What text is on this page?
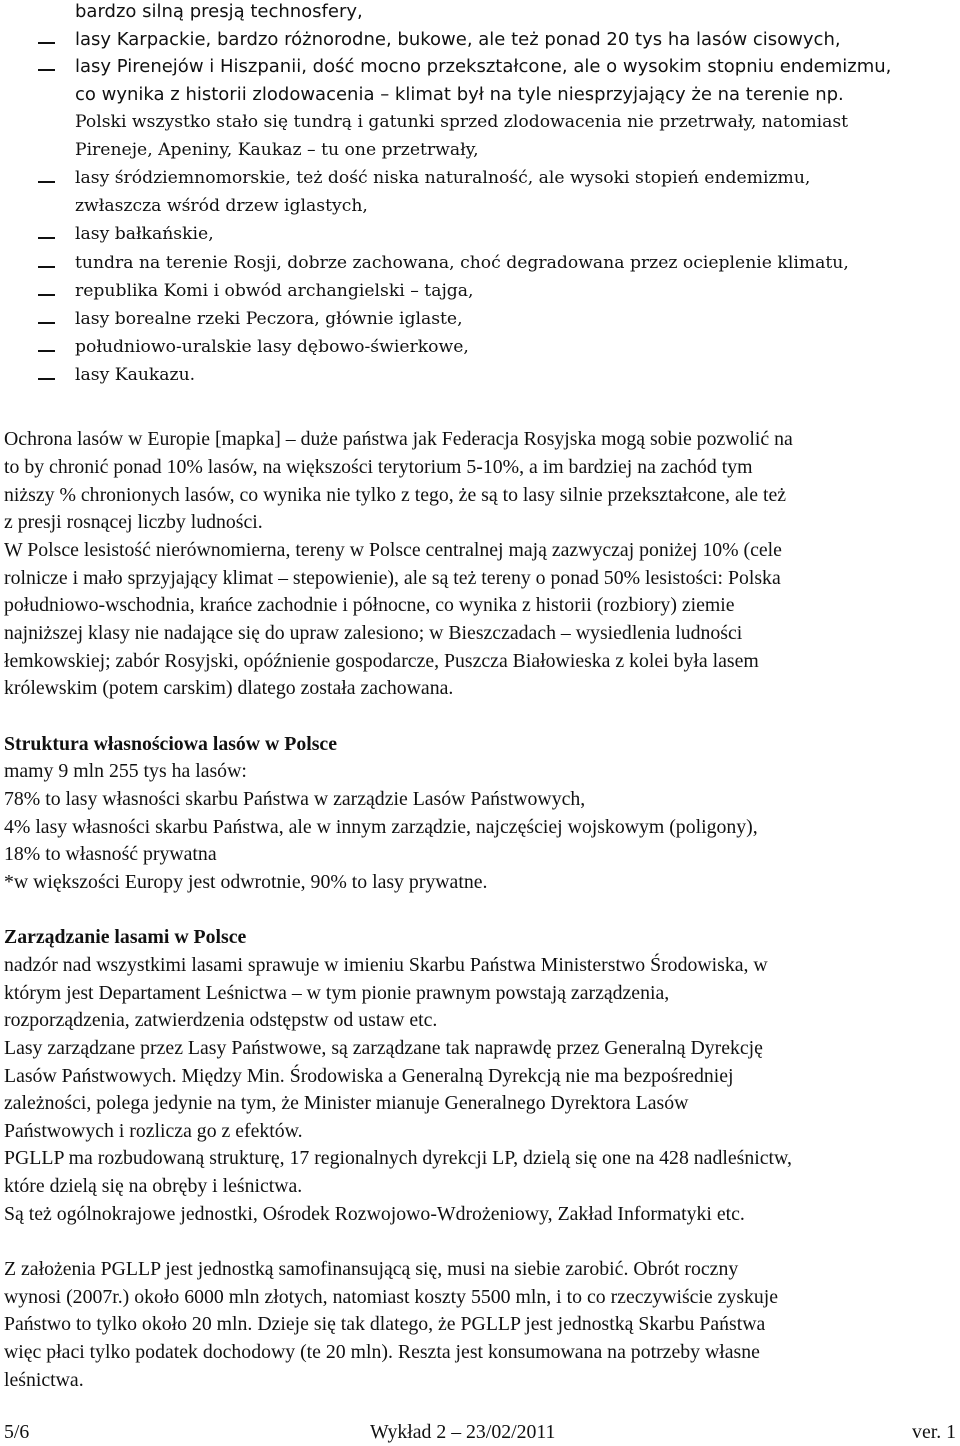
bardzo silną presją technosfery,
lasy Karpackie, bardzo różnorodne, bukowe, ale też ponad 20 tys ha lasów cisowych,
lasy Pirenejów i Hiszpanii, dość mocno przekształcone, ale o wysokim stopniu endemizmu,
co wynika z historii zlodowacenia – klimat był na tyle niesprzyjający że na terenie np.
Polski wszystko stało się tundrą i gatunki sprzed zlodowacenia nie przetrwały, natomiast
Pireneje, Apeniny, Kaukaz – tu one przetrwały,
lasy śródziemnomorskie, też dość niska naturalność, ale wysoki stopień endemizmu,
zwłaszcza wśród drzew iglastych,
lasy bałkańskie,
tundra na terenie Rosji, dobrze zachowana, choć degradowana przez ocieplenie klimatu,
republika Komi i obwód archangielski – tajga,
lasy borealne rzeki Peczora, głównie iglaste,
południowo-uralskie lasy dębowo-świerkowe,
lasy Kaukazu.
Ochrona lasów w Europie [mapka] – duże państwa jak Federacja Rosyjska mogą sobie pozwolić na
to by chronić ponad 10% lasów, na większości terytorium 5-10%, a im bardziej na zachód tym
niższy % chronionych lasów, co wynika nie tylko z tego, że są to lasy silnie przekształcone, ale też
z presji rosnącej liczby ludności.
W Polsce lesistość nierównomierna, tereny w Polsce centralnej mają zazwyczaj poniżej 10% (cele
rolnicze i mało sprzyjający klimat – stepowienie), ale są też tereny o ponad 50% lesistości: Polska
południowo-wschodnia, krańce zachodnie i północne, co wynika z historii (rozbiory) ziemie
najniższej klasy nie nadające się do upraw zalesiono; w Bieszczadach – wysiedlenia ludności
łemkowskiej; zabór Rosyjski, opóźnienie gospodarcze, Puszcza Białowieska z kolei była lasem
królewskim (potem carskim) dlatego została zachowana.
Struktura własnościowa lasów w Polsce
mamy 9 mln 255 tys ha lasów:
78% to lasy własności skarbu Państwa w zarządzie Lasów Państwowych,
4% lasy własności skarbu Państwa, ale w innym zarządzie, najczęściej wojskowym (poligony),
18% to własność prywatna
*w większości Europy jest odwrotnie, 90% to lasy prywatne.
Zarządzanie lasami w Polsce
nadzór nad wszystkimi lasami sprawuje w imieniu Skarbu Państwa Ministerstwo Środowiska, w
którym jest Departament Leśnictwa – w tym pionie prawnym powstają zarządzenia,
rozporządzenia, zatwierdzenia odstępstw od ustaw etc.
Lasy zarządzane przez Lasy Państwowe, są zarządzane tak naprawdę przez Generalną Dyrekcję
Lasów Państwowych. Między Min. Środowiska a Generalną Dyrekcją nie ma bezpośredniej
zależności, polega jedynie na tym, że Minister mianuje Generalnego Dyrektora Lasów
Państwowych i rozlicza go z efektów.
PGLLP ma rozbudowaną strukturę, 17 regionalnych dyrekcji LP, dzielą się one na 428 nadleśnictw,
które dzielą się na obręby i leśnictwa.
Są też ogólnokrajowe jednostki, Ośrodek Rozwojowo-Wdrożeniowy, Zakład Informatyki etc.
Z założenia PGLLP jest jednostką samofinansującą się, musi na siebie zarobić. Obrót roczny
wynosi (2007r.) około 6000 mln złotych, natomiast koszty 5500 mln, i to co rzeczywiście zyskuje
Państwo to tylko około 20 mln. Dzieje się tak dlatego, że PGLLP jest jednostką Skarbu Państwa
więc płaci tylko podatek dochodowy (te 20 mln). Reszta jest konsumowana na potrzeby własne
leśnictwa.
5/6	Wykład 2 – 23/02/2011	ver. 1
